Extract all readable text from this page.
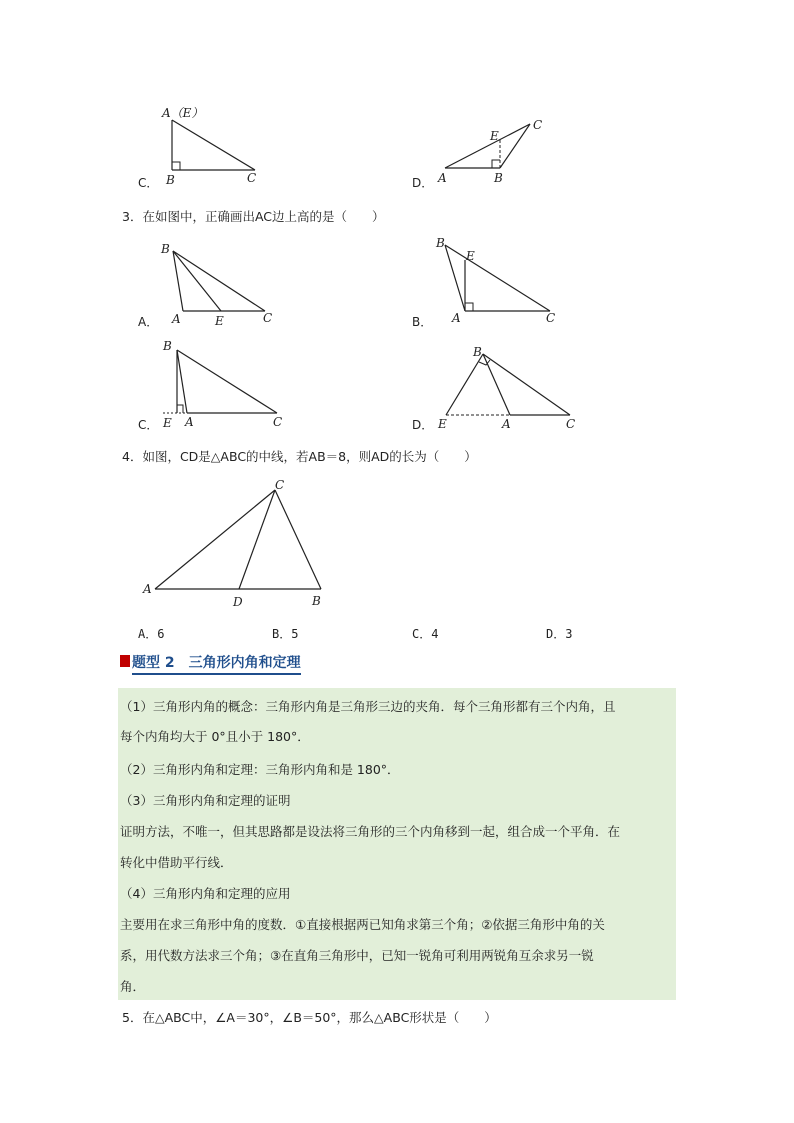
C．
A（E）
B	C	D． A	B
C
E
3．在如图中，正确画出AC边上高的是（　　）
A．
B
A	E	C	B．
B
E
A	C
C．
B
E A	C	D．
B
E	A	C
4．如图，CD是△ABC的中线，若AB＝8，则AD的长为（　　）
C
A
D	B
A．6	B．5	C．4	D．3
题型 2　三角形内角和定理
（1）三角形内角的概念：三角形内角是三角形三边的夹角．每个三角形都有三个内角，且
每个内角均大于 0°且小于 180°．
（2）三角形内角和定理：三角形内角和是 180°．
（3）三角形内角和定理的证明
证明方法，不唯一，但其思路都是设法将三角形的三个内角移到一起，组合成一个平角．在
转化中借助平行线．
（4）三角形内角和定理的应用
主要用在求三角形中角的度数．①直接根据两已知角求第三个角；②依据三角形中角的关
系，用代数方法求三个角；③在直角三角形中，已知一锐角可利用两锐角互余求另一锐
角．
5．在△ABC中，∠A＝30°，∠B＝50°，那么△ABC形状是（　　）
